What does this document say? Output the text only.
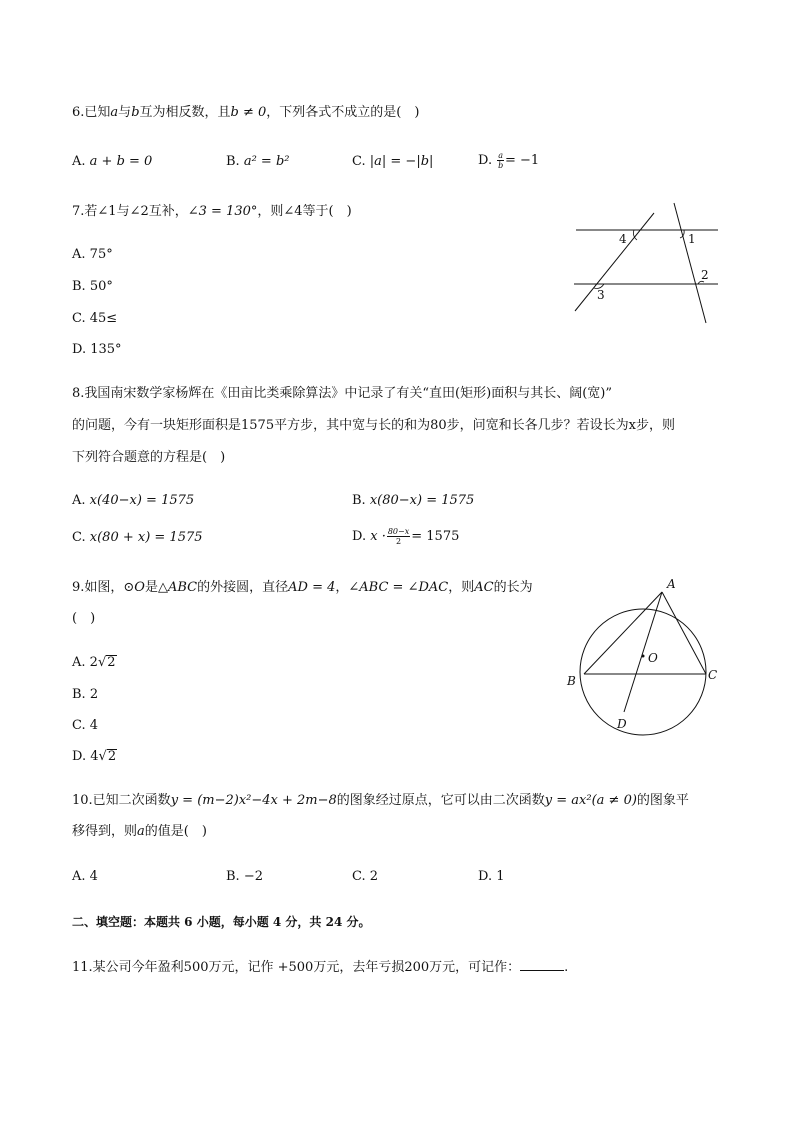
6.已知a与b互为相反数，且b ≠ 0，下列各式不成立的是(　)
A. a + b = 0	B. a² = b²	C. |a| = −|b|	D. $\frac{a}{b} = -1$
7.若∠1与∠2互补，∠3 = 130°，则∠4等于(　)
A. 75°
B. 50°
C. 45≤
D. 135°
4	1
2
3
8.我国南宋数学家杨辉在《田亩比类乘除算法》中记录了有关“直田(矩形)面积与其长、阔(宽)”
的问题，今有一块矩形面积是1575平方步，其中宽与长的和为80步，问宽和长各几步？若设长为x步，则
下列符合题意的方程是(　)
A. x(40−x) = 1575	B. x(80−x) = 1575
C. x(80 + x) = 1575	D. $x \cdot \frac{80-x}{2} = 1575$
9.如图，⊙O是△ABC的外接圆，直径AD = 4，∠ABC = ∠DAC，则AC的长为
(　)
A. 2√2
B. 2
C. 4
D. 4√2
A
O
B	C
D
10.已知二次函数y = (m−2)x²−4x + 2m−8的图象经过原点，它可以由二次函数y = ax²(a ≠ 0)的图象平
移得到，则a的值是(　)
A. 4	B. −2	C. 2	D. 1
二、填空题：本题共 6 小题，每小题 4 分，共 24 分。
11.某公司今年盈利500万元，记作 +500万元，去年亏损200万元，可记作：	.
